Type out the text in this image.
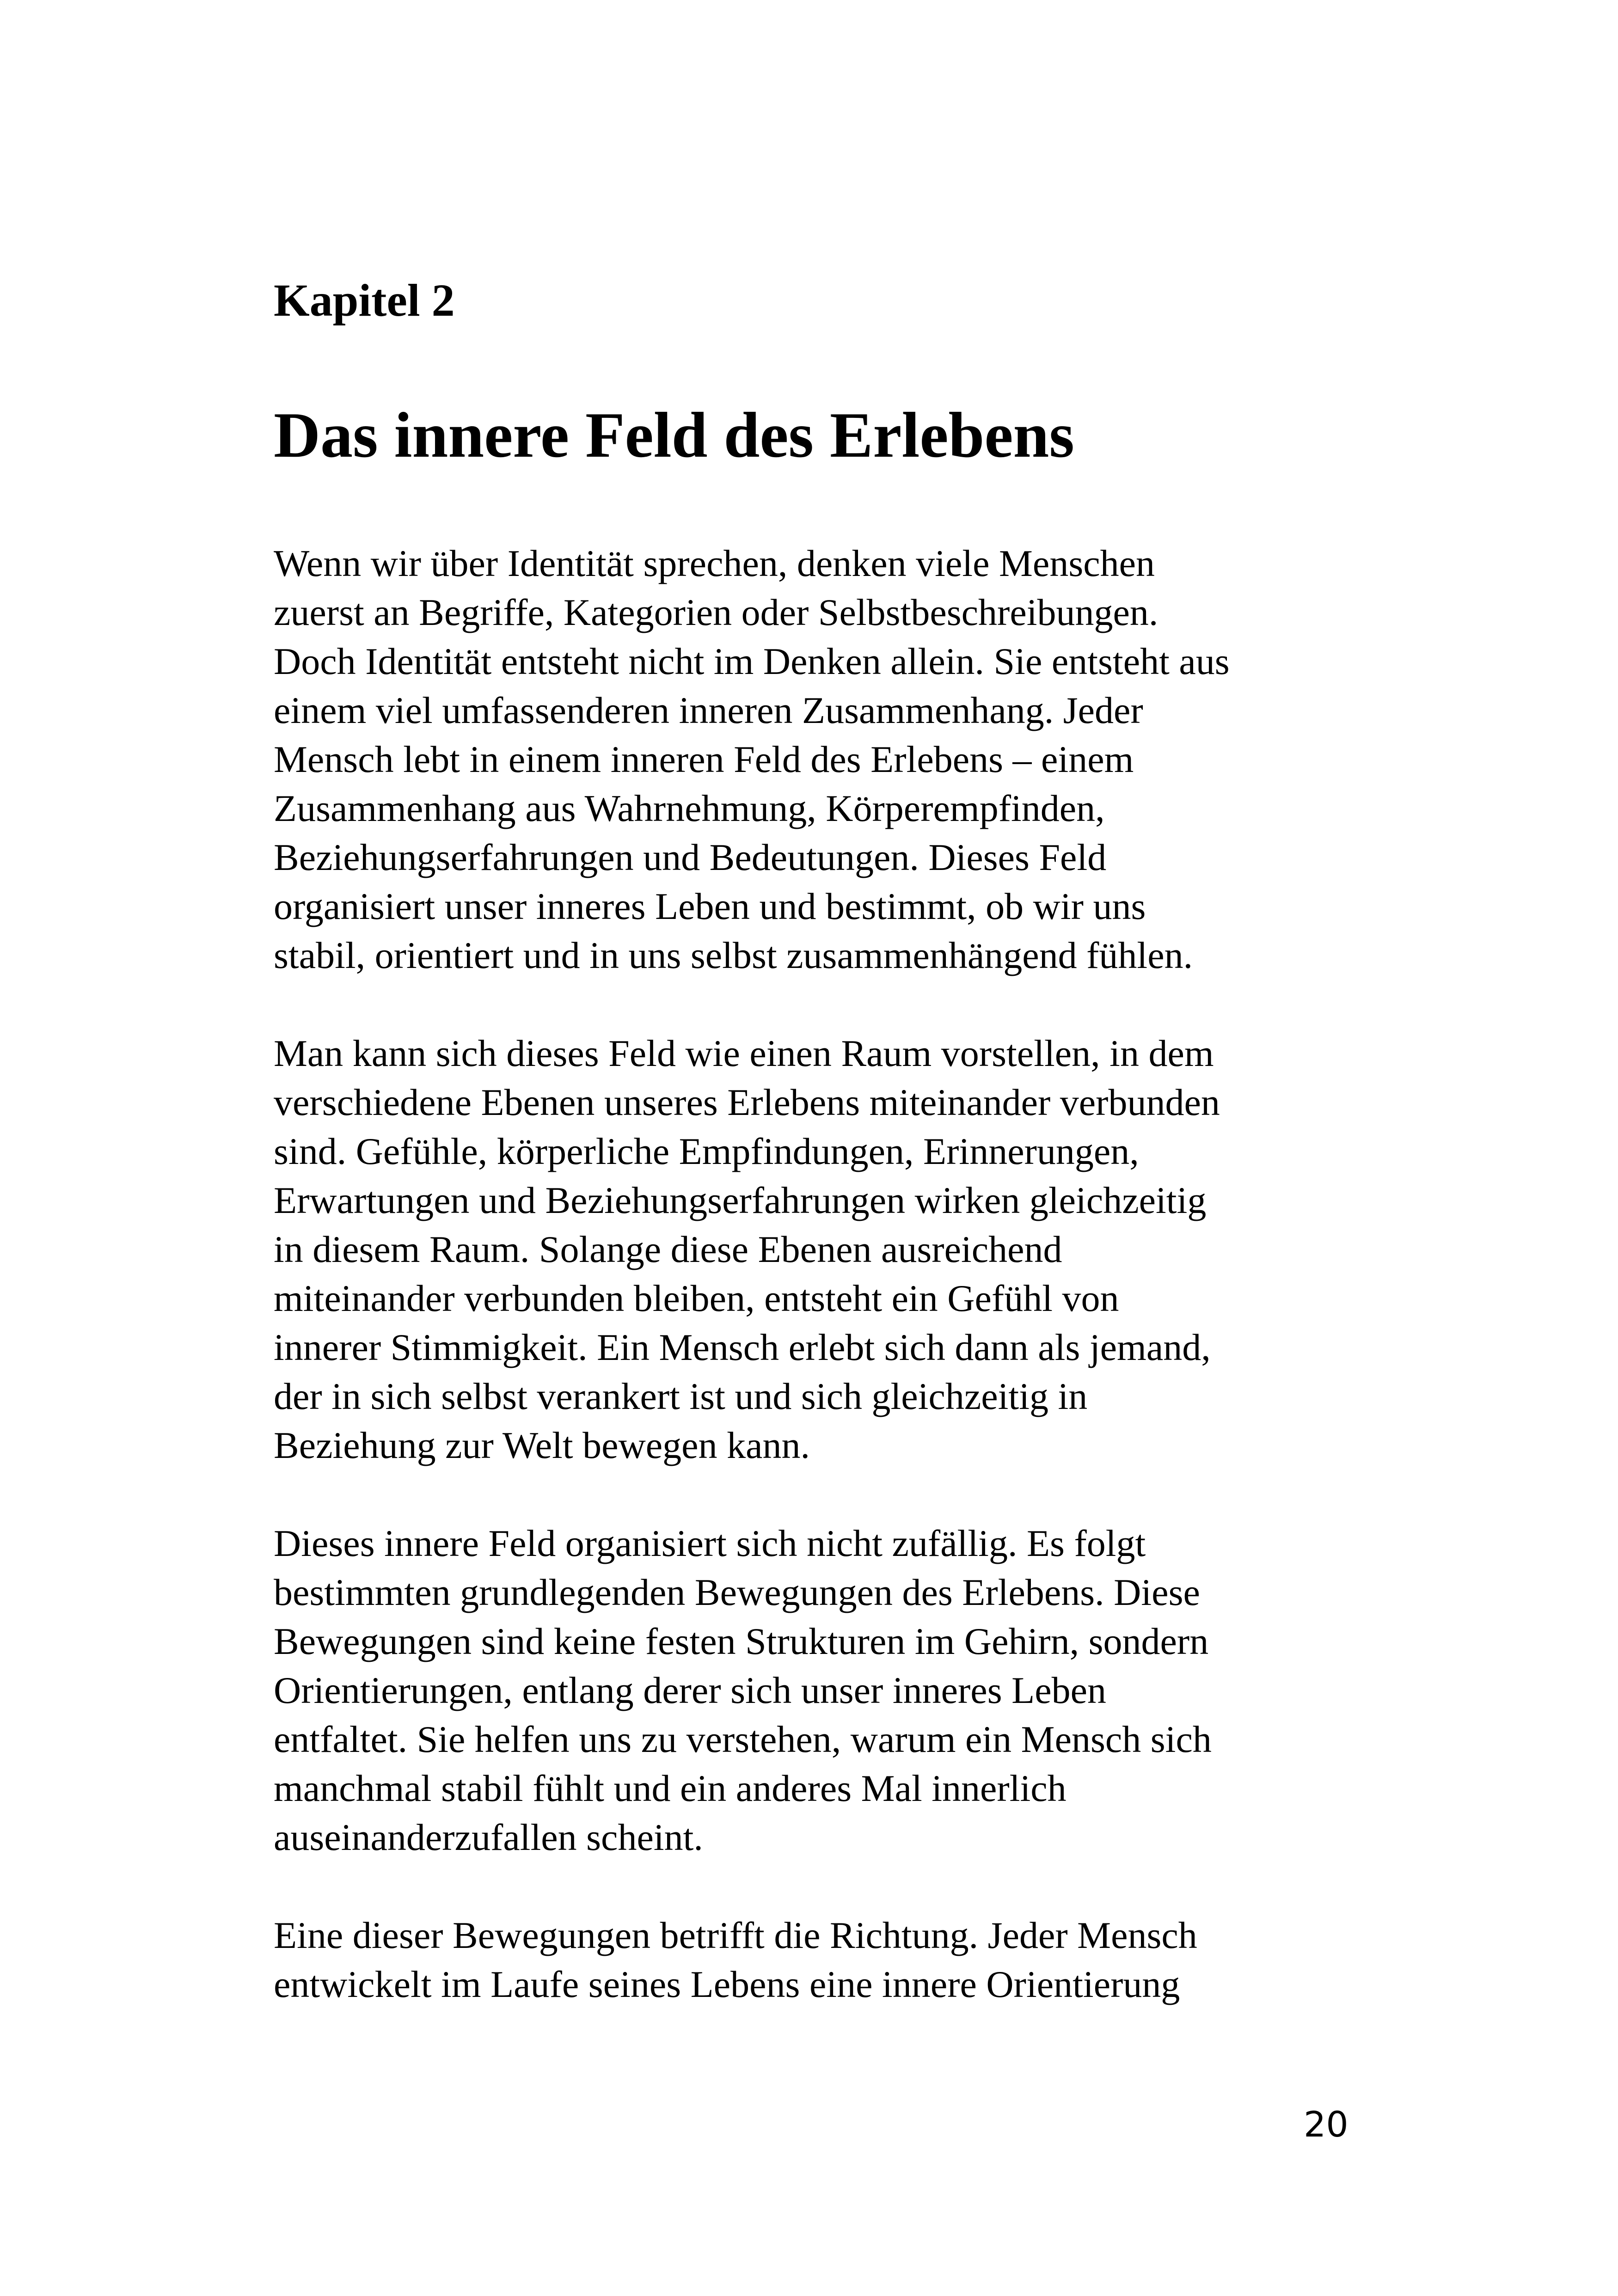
Kapitel 2
Das innere Feld des Erlebens

Wenn wir über Identität sprechen, denken viele Menschen
zuerst an Begriffe, Kategorien oder Selbstbeschreibungen.
Doch Identität entsteht nicht im Denken allein. Sie entsteht aus
einem viel umfassenderen inneren Zusammenhang. Jeder
Mensch lebt in einem inneren Feld des Erlebens – einem
Zusammenhang aus Wahrnehmung, Körperempfinden,
Beziehungserfahrungen und Bedeutungen. Dieses Feld
organisiert unser inneres Leben und bestimmt, ob wir uns
stabil, orientiert und in uns selbst zusammenhängend fühlen.

Man kann sich dieses Feld wie einen Raum vorstellen, in dem
verschiedene Ebenen unseres Erlebens miteinander verbunden
sind. Gefühle, körperliche Empfindungen, Erinnerungen,
Erwartungen und Beziehungserfahrungen wirken gleichzeitig
in diesem Raum. Solange diese Ebenen ausreichend
miteinander verbunden bleiben, entsteht ein Gefühl von
innerer Stimmigkeit. Ein Mensch erlebt sich dann als jemand,
der in sich selbst verankert ist und sich gleichzeitig in
Beziehung zur Welt bewegen kann.

Dieses innere Feld organisiert sich nicht zufällig. Es folgt
bestimmten grundlegenden Bewegungen des Erlebens. Diese
Bewegungen sind keine festen Strukturen im Gehirn, sondern
Orientierungen, entlang derer sich unser inneres Leben
entfaltet. Sie helfen uns zu verstehen, warum ein Mensch sich
manchmal stabil fühlt und ein anderes Mal innerlich
auseinanderzufallen scheint.

Eine dieser Bewegungen betrifft die Richtung. Jeder Mensch
entwickelt im Laufe seines Lebens eine innere Orientierung

20
